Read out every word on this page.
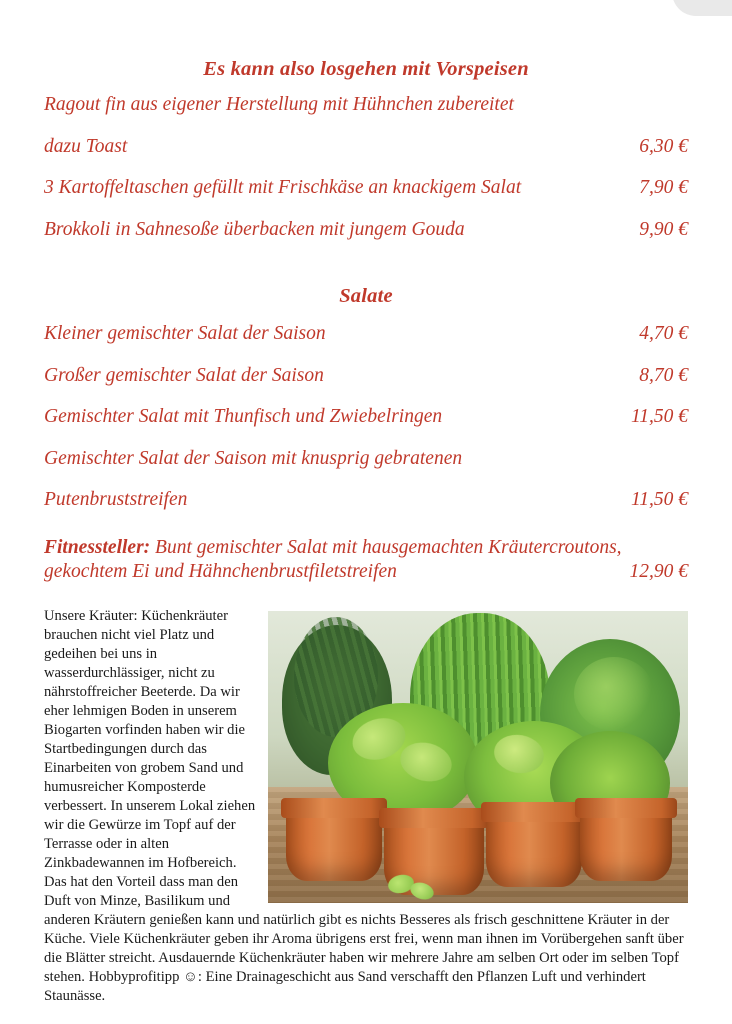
Es kann also losgehen mit Vorspeisen
Ragout fin aus eigener Herstellung mit Hühnchen zubereitet
dazu Toast	6,30 €
3 Kartoffeltaschen gefüllt mit Frischkäse an knackigem Salat	7,90 €
Brokkoli in Sahnesoße überbacken mit jungem Gouda	9,90 €
Salate
Kleiner gemischter Salat der Saison	4,70 €
Großer gemischter Salat der Saison	8,70 €
Gemischter Salat mit Thunfisch und Zwiebelringen	11,50 €
Gemischter Salat der Saison mit knusprig gebratenen
Putenbruststreifen	11,50 €
Fitnessteller: Bunt gemischter Salat mit hausgemachten Kräutercroutons,
gekochtem Ei und Hähnchenbrustfiletstreifen	12,90 €
Unsere Kräuter: Küchenkräuter brauchen nicht viel Platz und gedeihen bei uns in wasserdurchlässiger, nicht zu nährstoffreicher Beeterde. Da wir eher lehmigen Boden in unserem Biogarten vorfinden haben wir die Startbedingungen durch das Einarbeiten von grobem Sand und humusreicher Komposterde verbessert. In unserem Lokal ziehen wir die Gewürze im Topf auf der Terrasse oder in alten Zinkbadewannen im Hofbereich. Das hat den Vorteil dass man den Duft von Minze, Basilikum und anderen Kräutern genießen kann und natürlich gibt es nichts Besseres als frisch geschnittene Kräuter in der Küche. Viele Küchenkräuter geben ihr Aroma übrigens erst frei, wenn man ihnen im Vorübergehen sanft über die Blätter streicht. Ausdauernde Küchenkräuter haben wir mehrere Jahre am selben Ort oder im selben Topf stehen. Hobbyprofitipp ☺: Eine Drainageschicht aus Sand verschafft den Pflanzen Luft und verhindert Staunässe.
